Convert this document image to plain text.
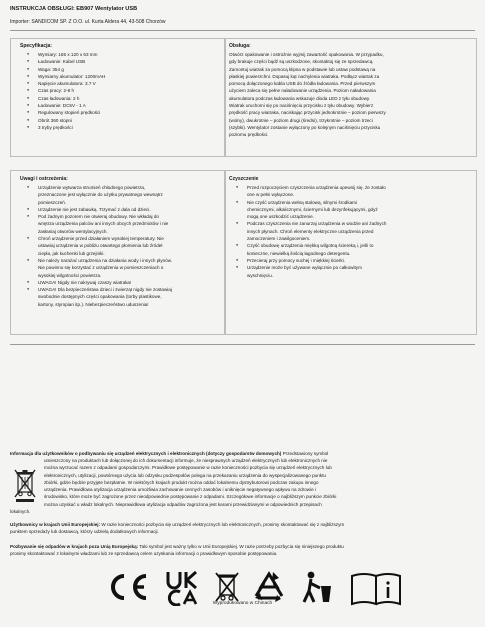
INSTRUKCJA OBSŁUGI: EB907 Wentylator USB
Importer: SANDICOM SP. Z O.O. ul. Kurta Aldera 44, 43-508 Chorzów
Specyfikacja:
● Wymiary: 165 x 120 x 63 mm
● Ładowanie: Kabel USB
● Waga: 354 g
● Wymiarny akumulator: 1200mAH
● Napięcie akumulatora: 3.7 V
● Czas pracy: 2-8 h
● Czas ładowania: 2 h
● Ładowanie: DC5V - 1 A
● Regulowany stopień prędkości
● Obrót 360 stopni
● 3 tryby prędkości
Obsługa:
Otwórz opakowanie i ostrożnie wyjmij zawartość opakowania. W przypadku,
gdy brakuje części bądź są uszkodzone, skontaktuj się ze sprzedawcą.
Zamontuj wiatrak za pomocą klipsa w podstawie lub ustaw podstawą na
płaskiej powierzchni. Dopasuj kąt nachylenia wiatraka. Podłącz wiatrak za
pomocą dołączonego kabla USB do źródła ładowania. Przed pierwszym
użyciem zaleca się pełne naładowanie urządzenia. Poziom naładowania
akumulatora podczas ładowania wskazuje dioda LED z tyłu obudowy.
Wiatrak uruchomi się po naciśnięciu przycisku z tyłu obudowy. Wybierz
prędkość pracy wiatraka, naciskając przycisk jednokrotnie – poziom pierwszy
(wolny), dwukrotnie – poziom drugi (średni), trzykrotnie – poziom trzeci
(szybki). Wentylator zostanie wyłączony po kolejnym naciśnięciu przycisku
poziomu prędkości.
Uwagi i ostrzeżenia:
● Urządzenie wytwarza strumień chłodnego powietrza,
przeznaczone jest wyłącznie do użytku prywatnego wewnątrz
pomieszczeń.
● Urządzenie nie jest zabawką. Trzymać z dala od dzieci.
● Pod żadnym pozorem nie otwieraj obudowy. Nie wkładaj do
wnętrza urządzenia palców ani innych obcych przedmiotów i nie
zasłaniaj otworów wentylacyjnych.
● Chroń urządzenie przed działaniem wysokiej temperatury. Nie
ustawiaj urządzenia w pobliżu otwartego płomienia lub źródeł
ciepła, jak kuchenki lub grzejniki.
● Nie należy narażać urządzenia na działania wody i innych płynów.
Nie powinno się korzystać z urządzenia w pomieszczeniach o
wysokiej wilgotności powietrza.
● UWAGA! Nigdy nie nakrywaj czaszy wiatraka!
● UWAGA! Dla bezpieczeństwa dzieci i zwierząt nigdy nie zostawiaj
swobodnie dostępnych części opakowania (torby plastikowe,
kartony, styropian itp.). Niebezpieczeństwo uduszenia!
Czyszczenie
● Przed rozpoczęciem czyszczenia urządzenia upewnij się, że zostało
one w pełni wyłączone.
● Nie czyść urządzenia wełną stalową, silnymi środkami
chemicznymi, alkalicznymi, ściernymi lub dezynfekującymi, gdyż
mogą one uszkodzić urządzenie.
● Podczas czyszczenia nie zanurzaj urządzenia w wodzie ani żadnych
innych płynach. Chroń elementy elektryczne urządzenia przed
zamoczeniem i zawilgoceniem.
● Czyść obudowę urządzenia miękką wilgotną ściereką i, jeśli to
konieczne, niewielką ilością łagodnego detergentu.
● Przecieraj przy pomocy suchej i miękkiej ścierki.
● Urządzenie może być używane wyłącznie po całkowitym
wyschnięciu.
Informacja dla użytkowników o podbywaniu się urządzeń elektrycznych i elektronicznych (dotyczy gospodarstw domowych) Przedstawiony symbol
umieszczony na produktach lub dołączonej do ich dokumentacji informuje, że niesprawnych urządzeń elektrycznych lub elektronicznych nie
można wyrzucać razem z odpadami gospodarczymi. Prawidłowe postępowanie w razie konieczności pozbycia się urządzeń elektrycznych lub
elektronicznych, utylizacji, powtórnego użycia lub odzysku podzespołów polega na przekazaniu urządzenia do wyspecjalizowanego punktu
zbiórki, gdzie będzie przyjęte bezpłatnie. W niektórych krajach produkt można oddać lokalnemu dystrybutorowi podczas zakupu innego
urządzenia. Prawidłowa utylizacja urządzenia umożliwia zachowanie cennych zasobów i uniknięcie negatywnego wpływu na zdrowie i
środowisko, które może być zagrożone przez nieodpowiednie postępowanie z odpadami. Szczegółowe informacje o najbliższym punkcie zbiórki
można uzyskać u władz lokalnych. Nieprawidłowa utylizacja odpadów zagrożona jest karami przewidzianymi w odpowiednich przepisach
lokalnych.
Użytkownicy w krajach Unii Europejskiej: W razie konieczności pozbycia się urządzeń elektrycznych lub elektronicznych, prosimy skontaktować się z najbliższym
punktem sprzedaży lub dostawcą, którzy udzielą dodatkowych informacji.
Pozbywanie się odpadów w krajach poza Unią Europejską: Taki symbol jest ważny tylko w Unii Europejskiej. W razie potrzeby pozbycia się niniejszego produktu
prosimy skontaktować z lokalnymi władzami lub ze sprzedawcą celem uzyskania informacji o prawidłowym sposobie postępowania.
Wyprodukowano w Chinach
